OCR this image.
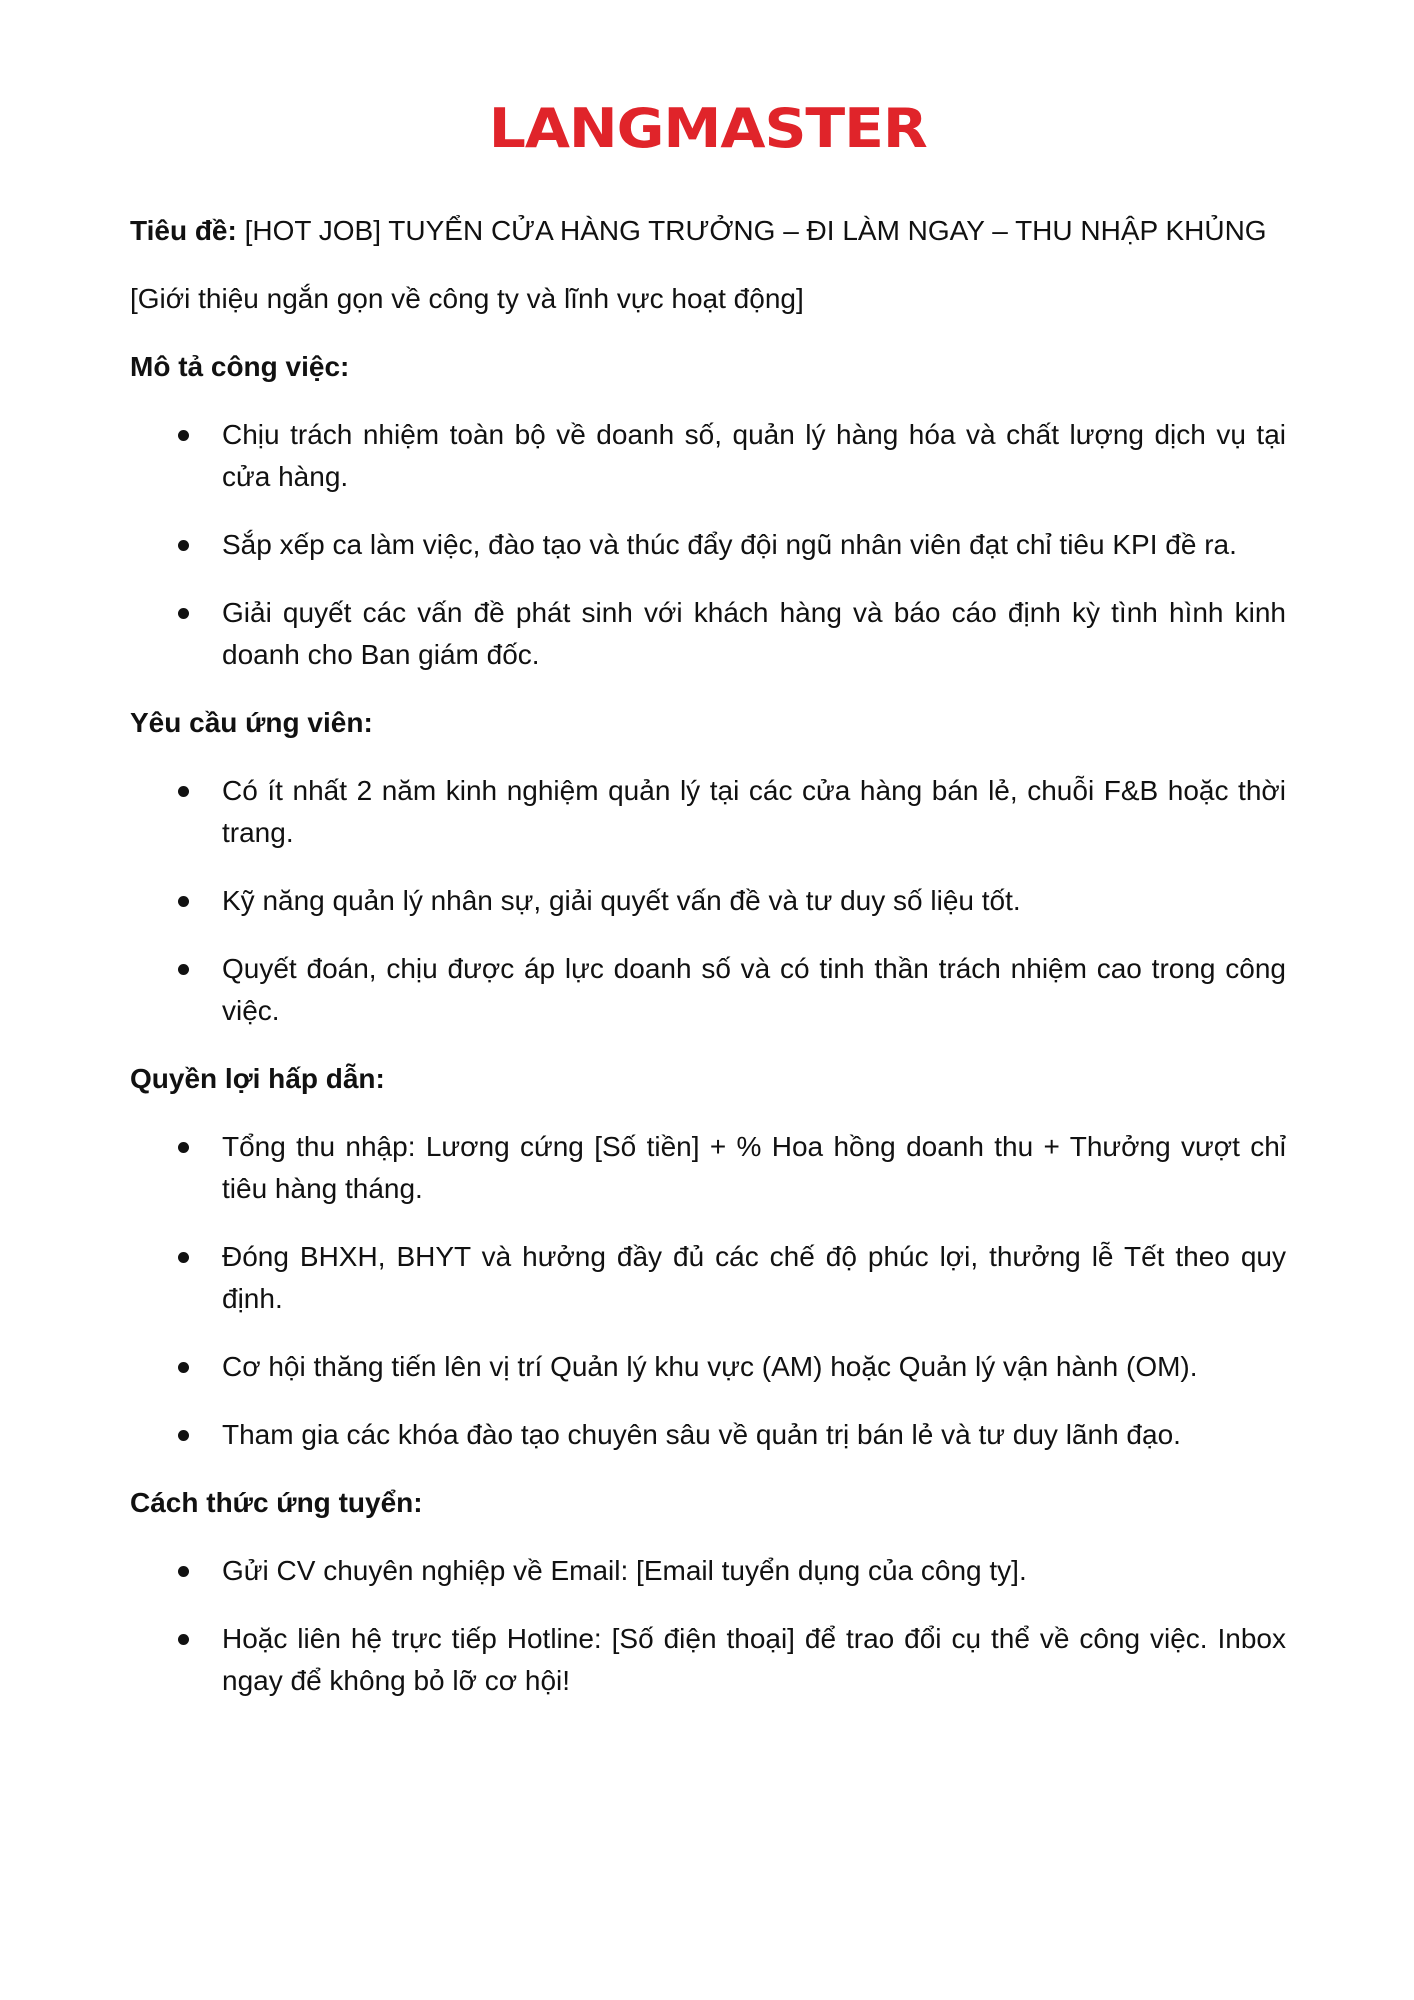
LANGMASTER

Tiêu đề: [HOT JOB] TUYỂN CỬA HÀNG TRƯỞNG – ĐI LÀM NGAY – THU NHẬP KHỦNG

[Giới thiệu ngắn gọn về công ty và lĩnh vực hoạt động]

Mô tả công việc:

Chịu trách nhiệm toàn bộ về doanh số, quản lý hàng hóa và chất lượng dịch vụ tại cửa hàng.
Sắp xếp ca làm việc, đào tạo và thúc đẩy đội ngũ nhân viên đạt chỉ tiêu KPI đề ra.
Giải quyết các vấn đề phát sinh với khách hàng và báo cáo định kỳ tình hình kinh doanh cho Ban giám đốc.

Yêu cầu ứng viên:

Có ít nhất 2 năm kinh nghiệm quản lý tại các cửa hàng bán lẻ, chuỗi F&B hoặc thời trang.
Kỹ năng quản lý nhân sự, giải quyết vấn đề và tư duy số liệu tốt.
Quyết đoán, chịu được áp lực doanh số và có tinh thần trách nhiệm cao trong công việc.

Quyền lợi hấp dẫn:

Tổng thu nhập: Lương cứng [Số tiền] + % Hoa hồng doanh thu + Thưởng vượt chỉ tiêu hàng tháng.
Đóng BHXH, BHYT và hưởng đầy đủ các chế độ phúc lợi, thưởng lễ Tết theo quy định.
Cơ hội thăng tiến lên vị trí Quản lý khu vực (AM) hoặc Quản lý vận hành (OM).
Tham gia các khóa đào tạo chuyên sâu về quản trị bán lẻ và tư duy lãnh đạo.

Cách thức ứng tuyển:

Gửi CV chuyên nghiệp về Email: [Email tuyển dụng của công ty].
Hoặc liên hệ trực tiếp Hotline: [Số điện thoại] để trao đổi cụ thể về công việc. Inbox ngay để không bỏ lỡ cơ hội!
